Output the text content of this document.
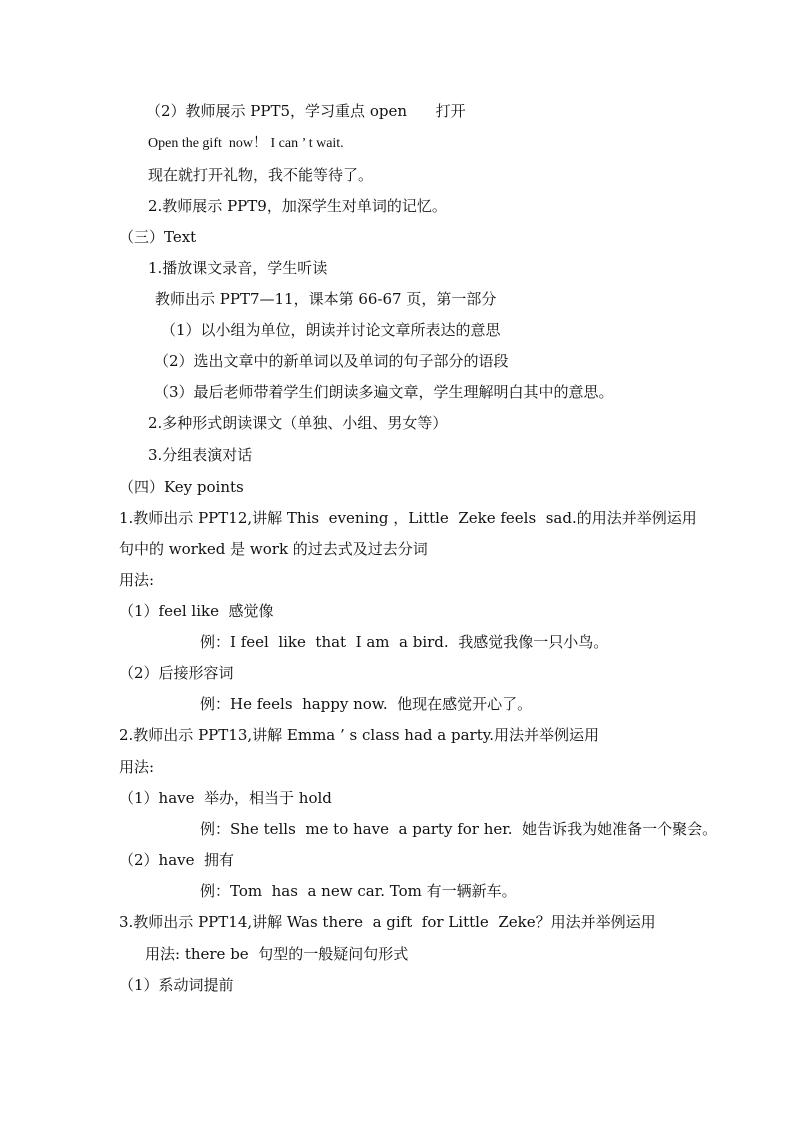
（2）教师展示 PPT5，学习重点 open      打开
Open the gift  now！ I can ’ t wait.
现在就打开礼物，我不能等待了。
2.教师展示 PPT9，加深学生对单词的记忆。
（三）Text
1.播放课文录音，学生听读
教师出示 PPT7—11，课本第 66-67 页，第一部分
（1）以小组为单位，朗读并讨论文章所表达的意思
（2）选出文章中的新单词以及单词的句子部分的语段
（3）最后老师带着学生们朗读多遍文章，学生理解明白其中的意思。
2.多种形式朗读课文（单独、小组、男女等）
3.分组表演对话
（四）Key points
1.教师出示 PPT12,讲解 This  evening ，Little  Zeke feels  sad.的用法并举例运用
句中的 worked 是 work 的过去式及过去分词
用法:
（1）feel like  感觉像
例：I feel  like  that  I am  a bird.  我感觉我像一只小鸟。
（2）后接形容词
例：He feels  happy now.  他现在感觉开心了。
2.教师出示 PPT13,讲解 Emma ’ s class had a party.用法并举例运用
用法:
（1）have  举办，相当于 hold
例：She tells  me to have  a party for her.  她告诉我为她准备一个聚会。
（2）have  拥有
例：Tom  has  a new car. Tom 有一辆新车。
3.教师出示 PPT14,讲解 Was there  a gift  for Little  Zeke？用法并举例运用
用法: there be  句型的一般疑问句形式
（1）系动词提前
